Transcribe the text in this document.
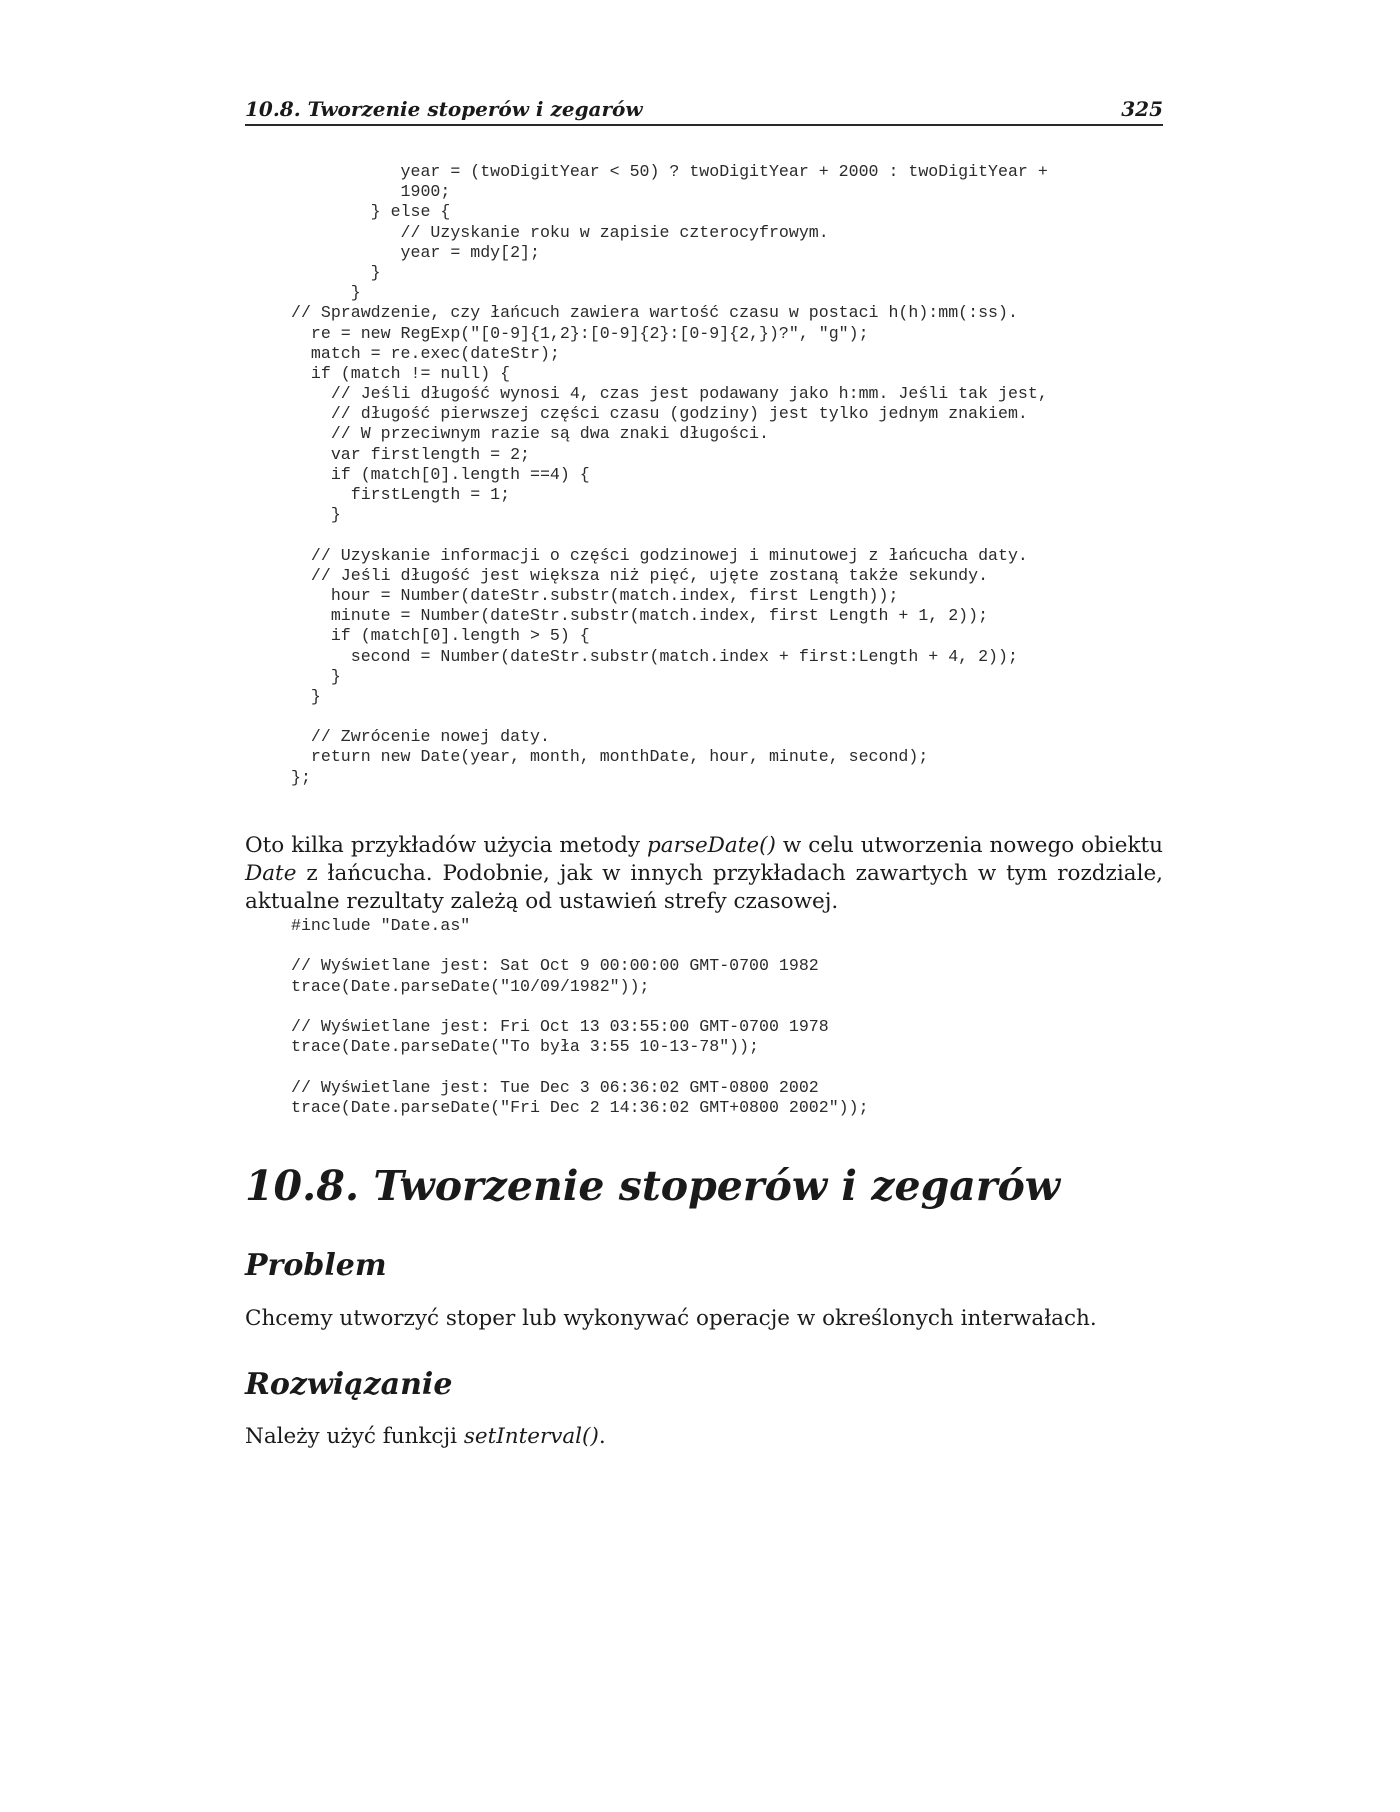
10.8. Tworzenie stoperów i zegarów	325
year = (twoDigitYear < 50) ? twoDigitYear + 2000 : twoDigitYear +
1900;
} else {
// Uzyskanie roku w zapisie czterocyfrowym.
year = mdy[2];
}
}
// Sprawdzenie, czy łańcuch zawiera wartość czasu w postaci h(h):mm(:ss).
re = new RegExp("[0-9]{1,2}:[0-9]{2}:[0-9]{2,})?", "g");
match = re.exec(dateStr);
if (match != null) {
// Jeśli długość wynosi 4, czas jest podawany jako h:mm. Jeśli tak jest,
// długość pierwszej części czasu (godziny) jest tylko jednym znakiem.
// W przeciwnym razie są dwa znaki długości.
var firstlength = 2;
if (match[0].length ==4) {
firstLength = 1;
}
// Uzyskanie informacji o części godzinowej i minutowej z łańcucha daty.
// Jeśli długość jest większa niż pięć, ujęte zostaną także sekundy.
hour = Number(dateStr.substr(match.index, first Length));
minute = Number(dateStr.substr(match.index, first Length + 1, 2));
if (match[0].length > 5) {
second = Number(dateStr.substr(match.index + first:Length + 4, 2));
}
}
// Zwrócenie nowej daty.
return new Date(year, month, monthDate, hour, minute, second);
};

Oto kilka przykładów użycia metody parseDate() w celu utworzenia nowego obiektu Date z łańcucha. Podobnie, jak w innych przykładach zawartych w tym rozdziale, aktualne rezultaty zależą od ustawień strefy czasowej.

#include "Date.as"
// Wyświetlane jest: Sat Oct 9 00:00:00 GMT-0700 1982
trace(Date.parseDate("10/09/1982"));
// Wyświetlane jest: Fri Oct 13 03:55:00 GMT-0700 1978
trace(Date.parseDate("To była 3:55 10-13-78"));
// Wyświetlane jest: Tue Dec 3 06:36:02 GMT-0800 2002
trace(Date.parseDate("Fri Dec 2 14:36:02 GMT+0800 2002"));
10.8. Tworzenie stoperów i zegarów
Problem

Chcemy utworzyć stoper lub wykonywać operacje w określonych interwałach.

Rozwiązanie

Należy użyć funkcji setInterval().
